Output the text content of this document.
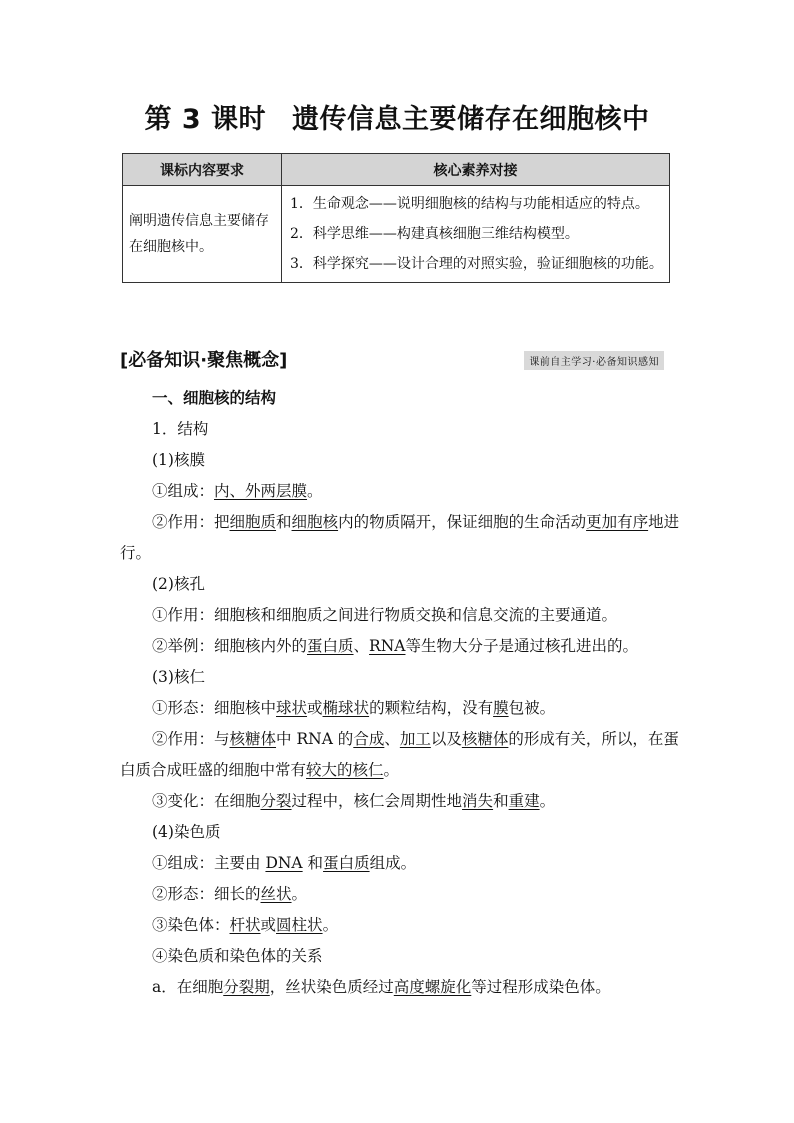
第 3 课时 遗传信息主要储存在细胞核中
课标内容要求	核心素养对接
阐明遗传信息主要储存在细胞核中。	1．生命观念——说明细胞核的结构与功能相适应的特点。
2．科学思维——构建真核细胞三维结构模型。
3．科学探究——设计合理的对照实验，验证细胞核的功能。
[必备知识·聚焦概念]	课前自主学习·必备知识感知

一、细胞核的结构

1．结构

(1)核膜

①组成：内、外两层膜。

②作用：把细胞质和细胞核内的物质隔开，保证细胞的生命活动更加有序地进行。

(2)核孔

①作用：细胞核和细胞质之间进行物质交换和信息交流的主要通道。

②举例：细胞核内外的蛋白质、RNA等生物大分子是通过核孔进出的。

(3)核仁

①形态：细胞核中球状或椭球状的颗粒结构，没有膜包被。

②作用：与核糖体中 RNA 的合成、加工以及核糖体的形成有关，所以，在蛋白质合成旺盛的细胞中常有较大的核仁。

③变化：在细胞分裂过程中，核仁会周期性地消失和重建。

(4)染色质

①组成：主要由 DNA 和蛋白质组成。

②形态：细长的丝状。

③染色体：杆状或圆柱状。

④染色质和染色体的关系

a．在细胞分裂期，丝状染色质经过高度螺旋化等过程形成染色体。
